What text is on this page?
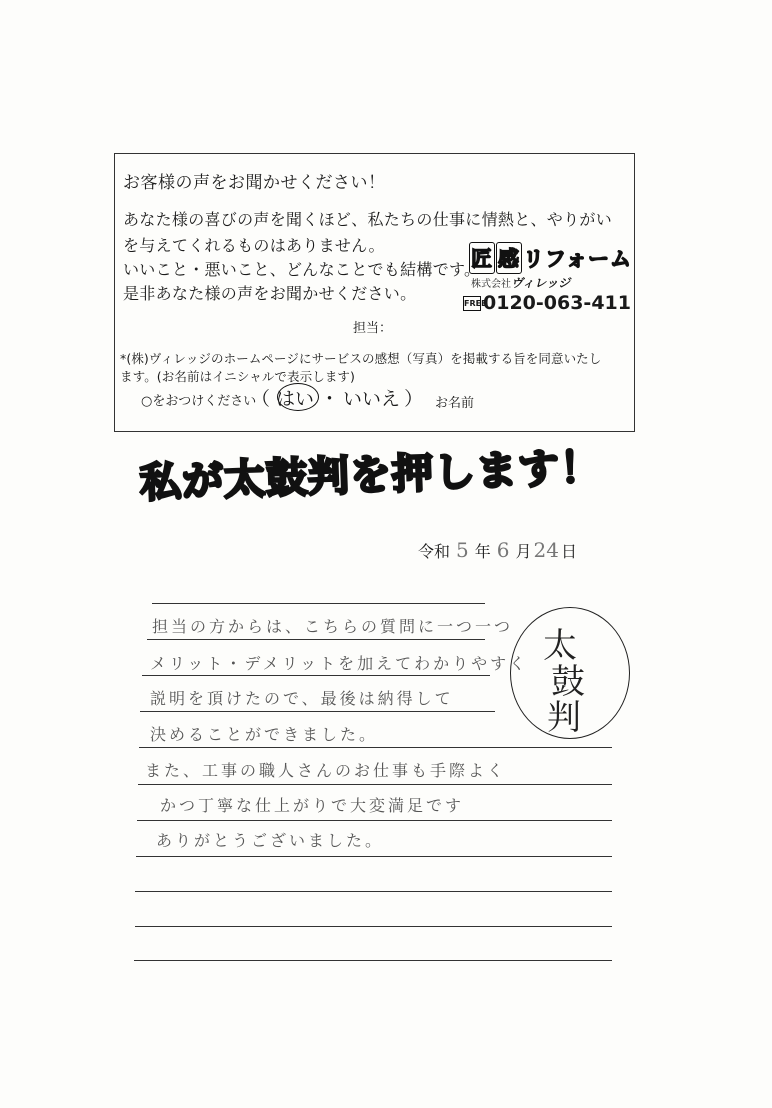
お客様の声をお聞かせください！
あなた様の喜びの声を聞くほど、私たちの仕事に情熱と、やりがい
を与えてくれるものはありません。
いいこと・悪いこと、どんなことでも結構です。
是非あなた様の声をお聞かせください。
匠 感 リフォーム
株式会社ヴィレッジ
FREE0120-063-411
担当：
*(株)ヴィレッジのホームページにサービスの感想（写真）を掲載する旨を同意いたし
ます。(お名前はイニシャルで表示します)
○をおつけください
（ はい ・ いいえ ） お名前
私が太鼓判を押します！
令和 5 年 6 月 24 日
担当の方からは、こちらの質問に一つ一つ
メリット・デメリットを加えてわかりやすく
説明を頂けたので、最後は納得して
決めることができました。
また、工事の職人さんのお仕事も手際よく
かつ丁寧な仕上がりで大変満足です
ありがとうございました。
太
鼓
判
